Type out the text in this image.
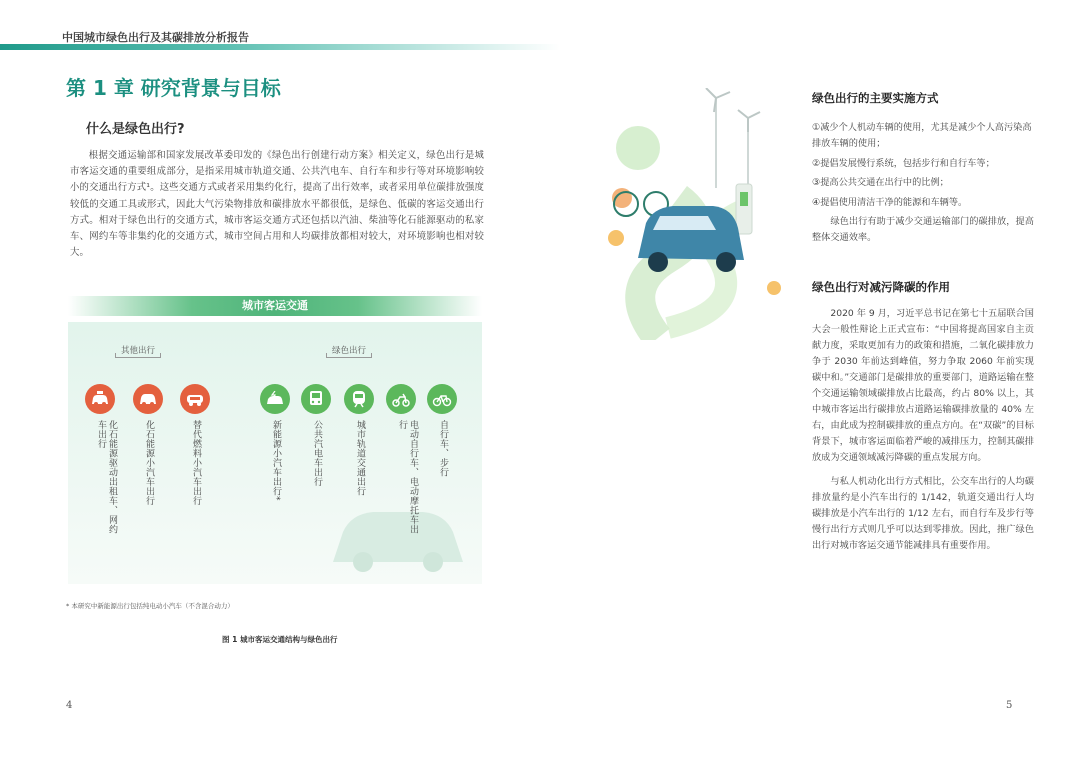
中国城市绿色出行及其碳排放分析报告
第 1 章 研究背景与目标
什么是绿色出行?
根据交通运输部和国家发展改革委印发的《绿色出行创建行动方案》相关定义，绿色出行是城市客运交通的重要组成部分，是指采用城市轨道交通、公共汽电车、自行车和步行等对环境影响较小的交通出行方式¹。这些交通方式或者采用集约化行，提高了出行效率，或者采用单位碳排放强度较低的交通工具或形式，因此大气污染物排放和碳排放水平都很低，是绿色、低碳的客运交通出行方式。相对于绿色出行的交通方式，城市客运交通方式还包括以汽油、柴油等化石能源驱动的私家车、网约车等非集约化的交通方式，城市空间占用和人均碳排放都相对较大，对环境影响也相对较大。
城市客运交通
其他出行	绿色出行
化石能源驱动出租车、网约车出行	化石能源小汽车出行	替代燃料小汽车出行	新能源小汽车出行*	公共汽电车出行	城市轨道交通出行	电动自行车、电动摩托车出行	自行车、步行
* 本研究中新能源出行包括纯电动小汽车（不含混合动力）
图 1 城市客运交通结构与绿色出行
4
绿色出行的主要实施方式
①减少个人机动车辆的使用，尤其是减少个人高污染高排放车辆的使用；
②提倡发展慢行系统，包括步行和自行车等；
③提高公共交通在出行中的比例；
④提倡使用清洁干净的能源和车辆等。
绿色出行有助于减少交通运输部门的碳排放，提高整体交通效率。
绿色出行对减污降碳的作用
2020 年 9 月，习近平总书记在第七十五届联合国大会一般性辩论上正式宣布：“中国将提高国家自主贡献力度，采取更加有力的政策和措施，二氧化碳排放力争于 2030 年前达到峰值，努力争取 2060 年前实现碳中和。”交通部门是碳排放的重要部门，道路运输在整个交通运输领域碳排放占比最高，约占 80% 以上，其中城市客运出行碳排放占道路运输碳排放量的 40% 左右，由此成为控制碳排放的重点方向。在“双碳”的目标背景下，城市客运面临着严峻的减排压力，控制其碳排放成为交通领域减污降碳的重点发展方向。
与私人机动化出行方式相比，公交车出行的人均碳排放量约是小汽车出行的 1/142，轨道交通出行人均碳排放是小汽车出行的 1/12 左右，而自行车及步行等慢行出行方式则几乎可以达到零排放。因此，推广绿色出行对城市客运交通节能减排具有重要作用。
5
